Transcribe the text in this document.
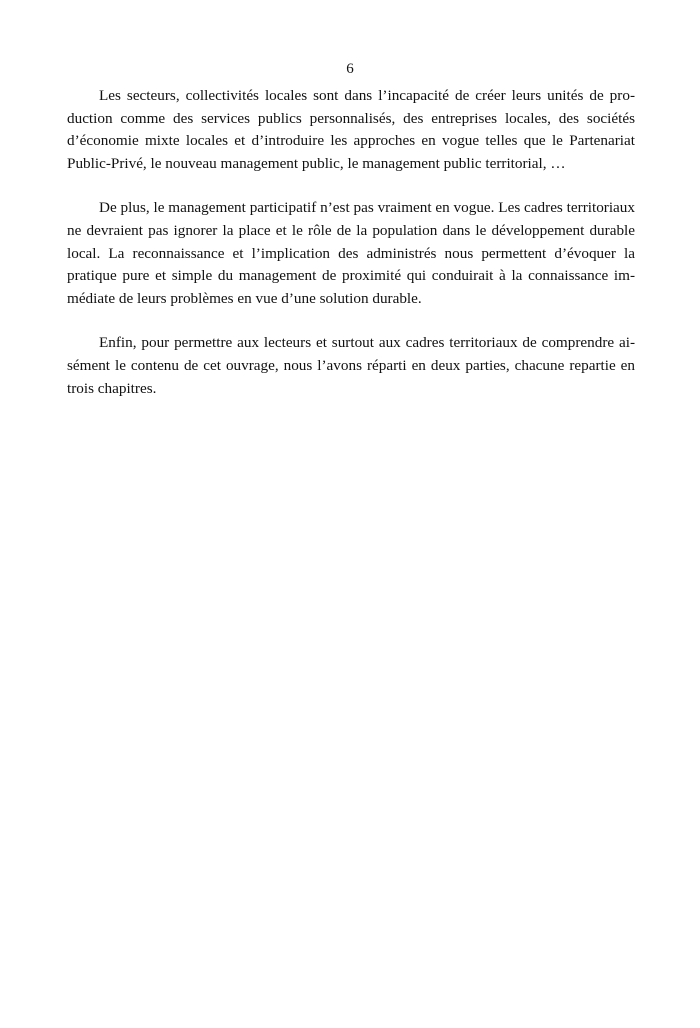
6

Les secteurs, collectivités locales sont dans l’incapacité de créer leurs unités de production comme des services publics personnalisés, des entreprises locales, des sociétés d’économie mixte locales et d’introduire les approches en vogue telles que le Partenariat Public-Privé, le nouveau management public, le management public territorial, …

De plus, le management participatif n’est pas vraiment en vogue. Les cadres territoriaux ne devraient pas ignorer la place et le rôle de la population dans le développement durable local. La reconnaissance et l’implication des administrés nous permettent d’évoquer la pratique pure et simple du management de proximité qui conduirait à la connaissance immédiate de leurs problèmes en vue d’une solution durable.

Enfin, pour permettre aux lecteurs et surtout aux cadres territoriaux de comprendre aisément le contenu de cet ouvrage, nous l’avons réparti en deux parties, chacune repartie en trois chapitres.
